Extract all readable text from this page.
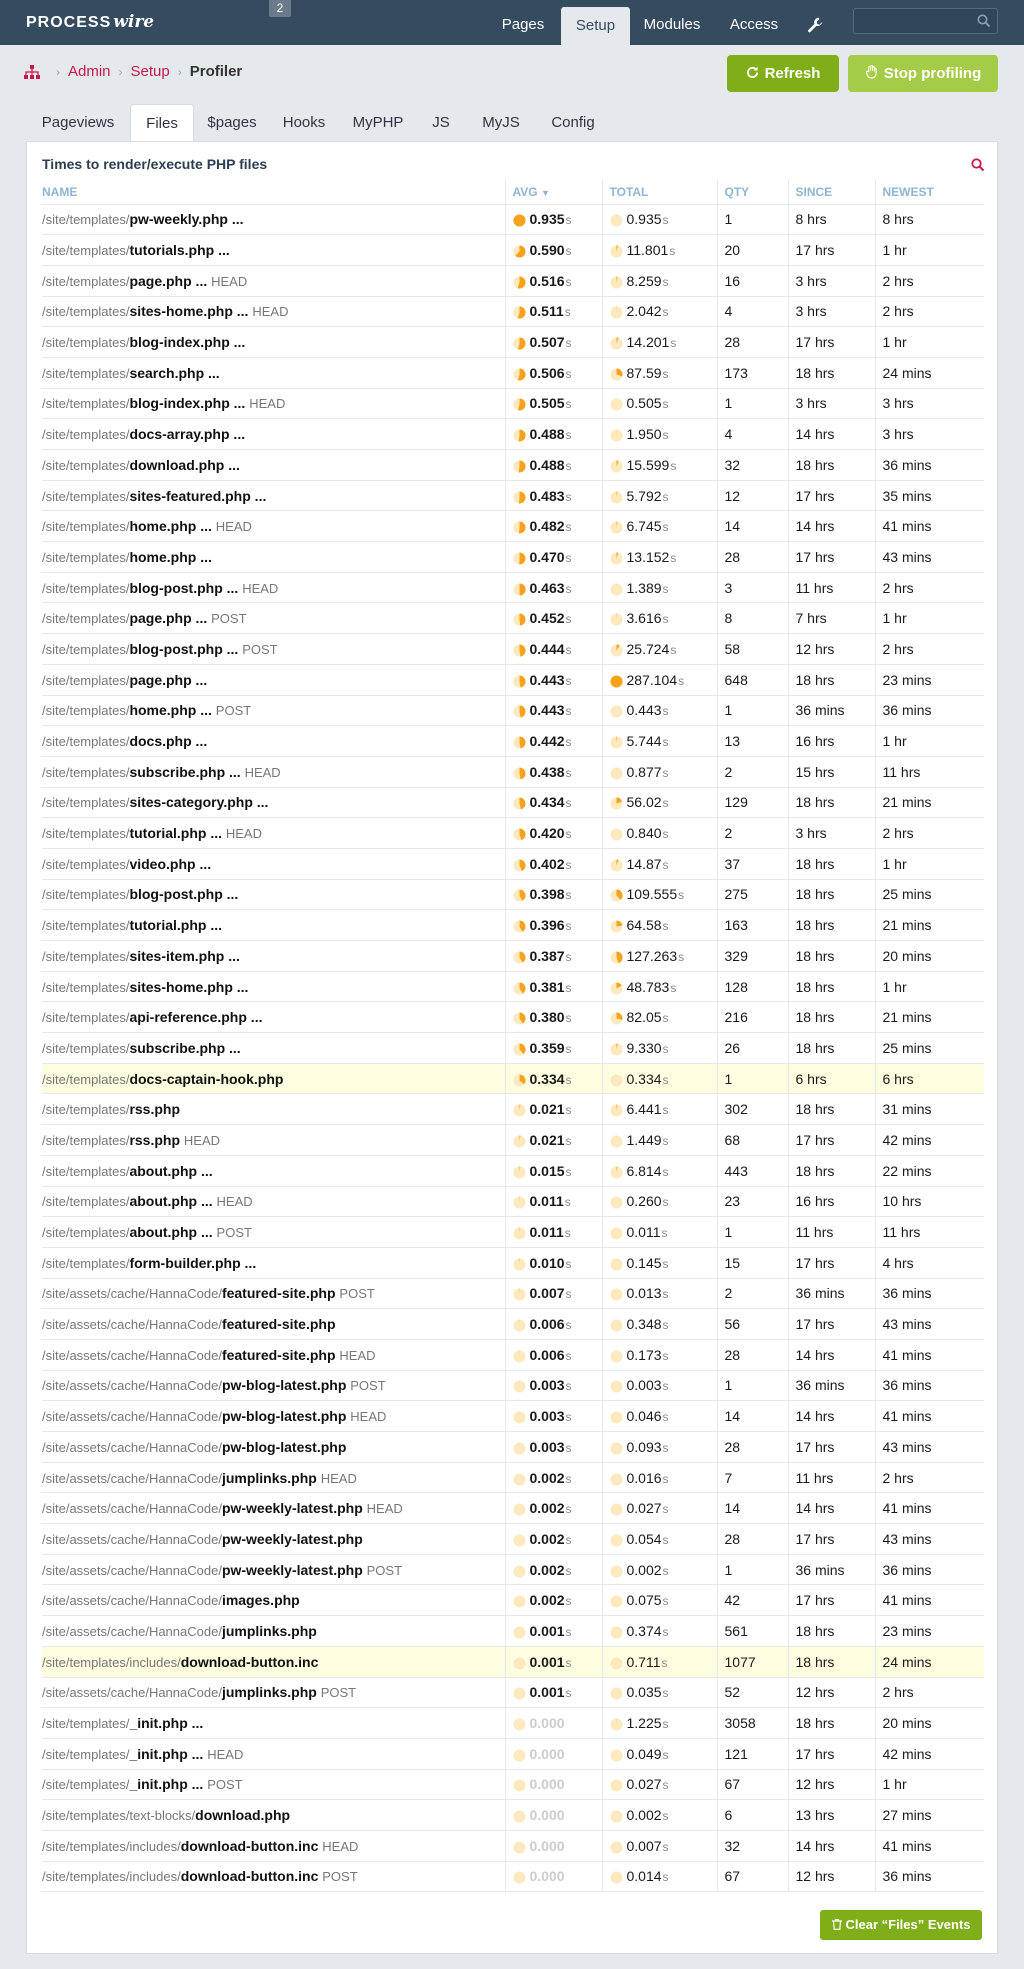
PROCESS wire
2
Pages	Setup	Modules	Access
› Admin › Setup › Profiler	Refresh	Stop profiling
Pageviews	Files	$pages	Hooks	MyPHP	JS	MyJS	Config
Times to render/execute PHP files
NAME	AVG ▼	TOTAL	QTY	SINCE	NEWEST
/site/templates/pw-weekly.php ...	0.935s	0.935s	1	8 hrs	8 hrs
/site/templates/tutorials.php ...	0.590s	11.801s	20	17 hrs	1 hr
/site/templates/page.php ... HEAD	0.516s	8.259s	16	3 hrs	2 hrs
/site/templates/sites-home.php ... HEAD	0.511s	2.042s	4	3 hrs	2 hrs
/site/templates/blog-index.php ...	0.507s	14.201s	28	17 hrs	1 hr
/site/templates/search.php ...	0.506s	87.59s	173	18 hrs	24 mins
/site/templates/blog-index.php ... HEAD	0.505s	0.505s	1	3 hrs	3 hrs
/site/templates/docs-array.php ...	0.488s	1.950s	4	14 hrs	3 hrs
/site/templates/download.php ...	0.488s	15.599s	32	18 hrs	36 mins
/site/templates/sites-featured.php ...	0.483s	5.792s	12	17 hrs	35 mins
/site/templates/home.php ... HEAD	0.482s	6.745s	14	14 hrs	41 mins
/site/templates/home.php ...	0.470s	13.152s	28	17 hrs	43 mins
/site/templates/blog-post.php ... HEAD	0.463s	1.389s	3	11 hrs	2 hrs
/site/templates/page.php ... POST	0.452s	3.616s	8	7 hrs	1 hr
/site/templates/blog-post.php ... POST	0.444s	25.724s	58	12 hrs	2 hrs
/site/templates/page.php ...	0.443s	287.104s	648	18 hrs	23 mins
/site/templates/home.php ... POST	0.443s	0.443s	1	36 mins	36 mins
/site/templates/docs.php ...	0.442s	5.744s	13	16 hrs	1 hr
/site/templates/subscribe.php ... HEAD	0.438s	0.877s	2	15 hrs	11 hrs
/site/templates/sites-category.php ...	0.434s	56.02s	129	18 hrs	21 mins
/site/templates/tutorial.php ... HEAD	0.420s	0.840s	2	3 hrs	2 hrs
/site/templates/video.php ...	0.402s	14.87s	37	18 hrs	1 hr
/site/templates/blog-post.php ...	0.398s	109.555s	275	18 hrs	25 mins
/site/templates/tutorial.php ...	0.396s	64.58s	163	18 hrs	21 mins
/site/templates/sites-item.php ...	0.387s	127.263s	329	18 hrs	20 mins
/site/templates/sites-home.php ...	0.381s	48.783s	128	18 hrs	1 hr
/site/templates/api-reference.php ...	0.380s	82.05s	216	18 hrs	21 mins
/site/templates/subscribe.php ...	0.359s	9.330s	26	18 hrs	25 mins
/site/templates/docs-captain-hook.php	0.334s	0.334s	1	6 hrs	6 hrs
/site/templates/rss.php	0.021s	6.441s	302	18 hrs	31 mins
/site/templates/rss.php HEAD	0.021s	1.449s	68	17 hrs	42 mins
/site/templates/about.php ...	0.015s	6.814s	443	18 hrs	22 mins
/site/templates/about.php ... HEAD	0.011s	0.260s	23	16 hrs	10 hrs
/site/templates/about.php ... POST	0.011s	0.011s	1	11 hrs	11 hrs
/site/templates/form-builder.php ...	0.010s	0.145s	15	17 hrs	4 hrs
/site/assets/cache/HannaCode/featured-site.php POST	0.007s	0.013s	2	36 mins	36 mins
/site/assets/cache/HannaCode/featured-site.php	0.006s	0.348s	56	17 hrs	43 mins
/site/assets/cache/HannaCode/featured-site.php HEAD	0.006s	0.173s	28	14 hrs	41 mins
/site/assets/cache/HannaCode/pw-blog-latest.php POST	0.003s	0.003s	1	36 mins	36 mins
/site/assets/cache/HannaCode/pw-blog-latest.php HEAD	0.003s	0.046s	14	14 hrs	41 mins
/site/assets/cache/HannaCode/pw-blog-latest.php	0.003s	0.093s	28	17 hrs	43 mins
/site/assets/cache/HannaCode/jumplinks.php HEAD	0.002s	0.016s	7	11 hrs	2 hrs
/site/assets/cache/HannaCode/pw-weekly-latest.php HEAD	0.002s	0.027s	14	14 hrs	41 mins
/site/assets/cache/HannaCode/pw-weekly-latest.php	0.002s	0.054s	28	17 hrs	43 mins
/site/assets/cache/HannaCode/pw-weekly-latest.php POST	0.002s	0.002s	1	36 mins	36 mins
/site/assets/cache/HannaCode/images.php	0.002s	0.075s	42	17 hrs	41 mins
/site/assets/cache/HannaCode/jumplinks.php	0.001s	0.374s	561	18 hrs	23 mins
/site/templates/includes/download-button.inc	0.001s	0.711s	1077	18 hrs	24 mins
/site/assets/cache/HannaCode/jumplinks.php POST	0.001s	0.035s	52	12 hrs	2 hrs
/site/templates/_init.php ...	0.000	1.225s	3058	18 hrs	20 mins
/site/templates/_init.php ... HEAD	0.000	0.049s	121	17 hrs	42 mins
/site/templates/_init.php ... POST	0.000	0.027s	67	12 hrs	1 hr
/site/templates/text-blocks/download.php	0.000	0.002s	6	13 hrs	27 mins
/site/templates/includes/download-button.inc HEAD	0.000	0.007s	32	14 hrs	41 mins
/site/templates/includes/download-button.inc POST	0.000	0.014s	67	12 hrs	36 mins
Clear “Files” Events
